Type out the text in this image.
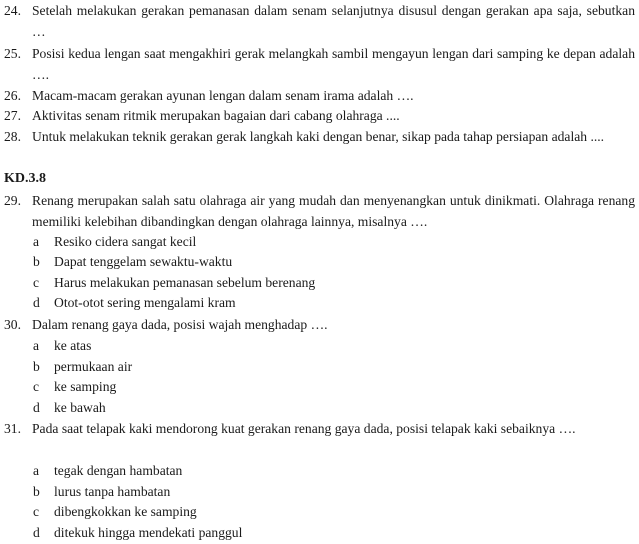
24. Setelah melakukan gerakan pemanasan dalam senam selanjutnya disusul dengan gerakan apa saja, sebutkan …
25. Posisi kedua lengan saat mengakhiri gerak melangkah sambil mengayun lengan dari samping ke depan adalah ….
26. Macam-macam gerakan ayunan lengan dalam senam irama adalah ….
27. Aktivitas senam ritmik merupakan bagaian dari cabang olahraga ....
28. Untuk melakukan teknik gerakan gerak langkah kaki dengan benar, sikap pada tahap persiapan adalah ....
KD.3.8
29. Renang merupakan salah satu olahraga air yang mudah dan menyenangkan untuk dinikmati. Olahraga renang memiliki kelebihan dibandingkan dengan olahraga lainnya, misalnya ….
a Resiko cidera sangat kecil
b Dapat tenggelam sewaktu-waktu
c Harus melakukan pemanasan sebelum berenang
d Otot-otot sering mengalami kram
30. Dalam renang gaya dada, posisi wajah menghadap ….
a ke atas
b permukaan air
c ke samping
d ke bawah
31. Pada saat telapak kaki mendorong kuat gerakan renang gaya dada, posisi telapak kaki sebaiknya ….
a tegak dengan hambatan
b lurus tanpa hambatan
c dibengkokkan ke samping
d ditekuk hingga mendekati panggul
